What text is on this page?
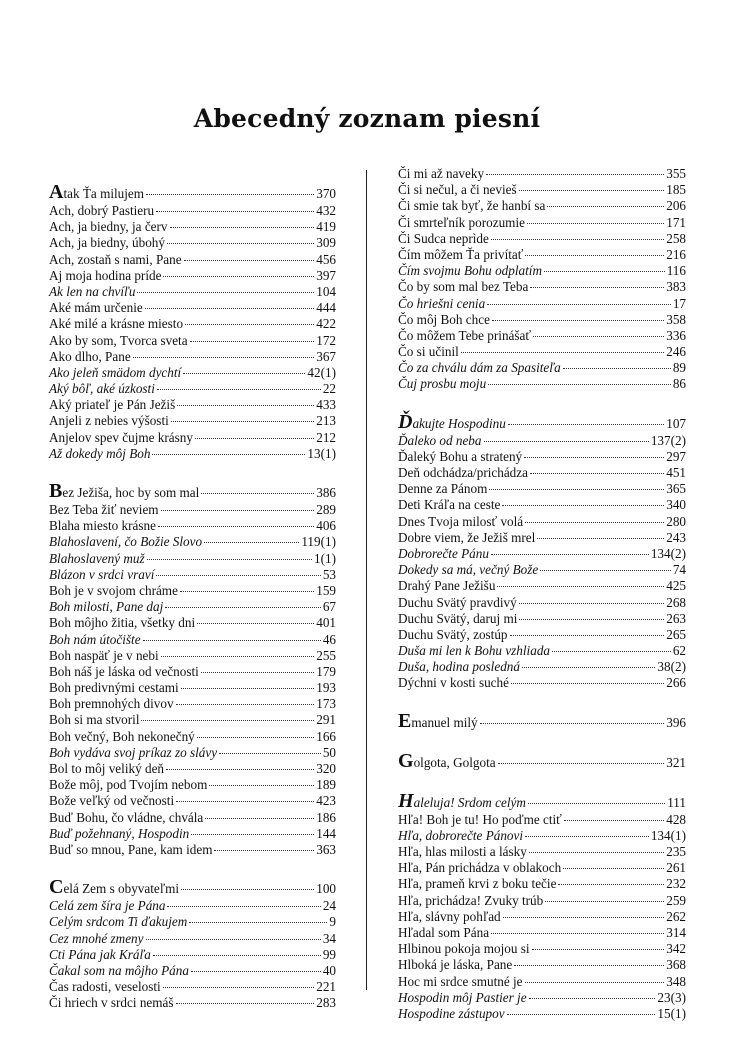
Abecedný zoznam piesní
Atak Ťa milujem	370
Ach, dobrý Pastieru	432
Ach, ja biedny, ja červ	419
Ach, ja biedny, úbohý	309
Ach, zostaň s nami, Pane	456
Aj moja hodina príde	397
Ak len na chvíľu	104
Aké mám určenie	444
Aké milé a krásne miesto	422
Ako by som, Tvorca sveta	172
Ako dlho, Pane	367
Ako jeleň smädom dychtí	42(1)
Aký bôľ, aké úzkosti	22
Aký priateľ je Pán Ježiš	433
Anjeli z nebies výšosti	213
Anjelov spev čujme krásny	212
Až dokedy môj Boh	13(1)
Bez Ježiša, hoc by som mal	386
Bez Teba žiť neviem	289
Blaha miesto krásne	406
Blahoslavení, čo Božie Slovo	119(1)
Blahoslavený muž	1(1)
Blázon v srdci vraví	53
Boh je v svojom chráme	159
Boh milosti, Pane daj	67
Boh môjho žitia, všetky dni	401
Boh nám útočište	46
Boh naspäť je v nebi	255
Boh náš je láska od večnosti	179
Boh predivnými cestami	193
Boh premnohých divov	173
Boh si ma stvoril	291
Boh večný, Boh nekonečný	166
Boh vydáva svoj príkaz zo slávy	50
Bol to môj veliký deň	320
Bože môj, pod Tvojím nebom	189
Bože veľký od večnosti	423
Buď Bohu, čo vládne, chvála	186
Buď požehnaný, Hospodin	144
Buď so mnou, Pane, kam idem	363
Celá Zem s obyvateľmi	100
Celá zem šíra je Pána	24
Celým srdcom Ti ďakujem	9
Cez mnohé zmeny	34
Cti Pána jak Kráľa	99
Čakal som na môjho Pána	40
Čas radosti, veselosti	221
Či hriech v srdci nemáš	283
Či mi až naveky	355
Či si nečul, a či nevieš	185
Či smie tak byť, že hanbí sa	206
Či smrteľník porozumie	171
Či Sudca neprìde	258
Čím môžem Ťa privítať	216
Čím svojmu Bohu odplatím	116
Čo by som mal bez Teba	383
Čo hriešni cenia	17
Čo môj Boh chce	358
Čo môžem Tebe prinášať	336
Čo si učinil	246
Čo za chválu dám za Spasiteľa	89
Čuj prosbu moju	86
Ďakujte Hospodinu	107
Ďaleko od neba	137(2)
Ďaleký Bohu a stratený	297
Deň odchádza/prichádza	451
Denne za Pánom	365
Deti Kráľa na ceste	340
Dnes Tvoja milosť volá	280
Dobre viem, že Ježiš mrel	243
Dobrorečte Pánu	134(2)
Dokedy sa má, večný Bože	74
Drahý Pane Ježišu	425
Duchu Svätý pravdivý	268
Duchu Svätý, daruj mi	263
Duchu Svätý, zostúp	265
Duša mi len k Bohu vzhliada	62
Duša, hodina posledná	38(2)
Dýchni v kosti suché	266
Emanuel milý	396
Golgota, Golgota	321
Haleluja! Srdom celým	111
Hľa! Boh je tu! Ho poďme ctiť	428
Hľa, dobrorečte Pánovi	134(1)
Hľa, hlas milosti a lásky	235
Hľa, Pán prichádza v oblakoch	261
Hľa, prameň krvi z boku tečie	232
Hľa, prichádza! Zvuky trúb	259
Hľa, slávny pohľad	262
Hľadal som Pána	314
Hlbinou pokoja mojou si	342
Hlboká je láska, Pane	368
Hoc mi srdce smutné je	348
Hospodin môj Pastier je	23(3)
Hospodine zástupov	15(1)
